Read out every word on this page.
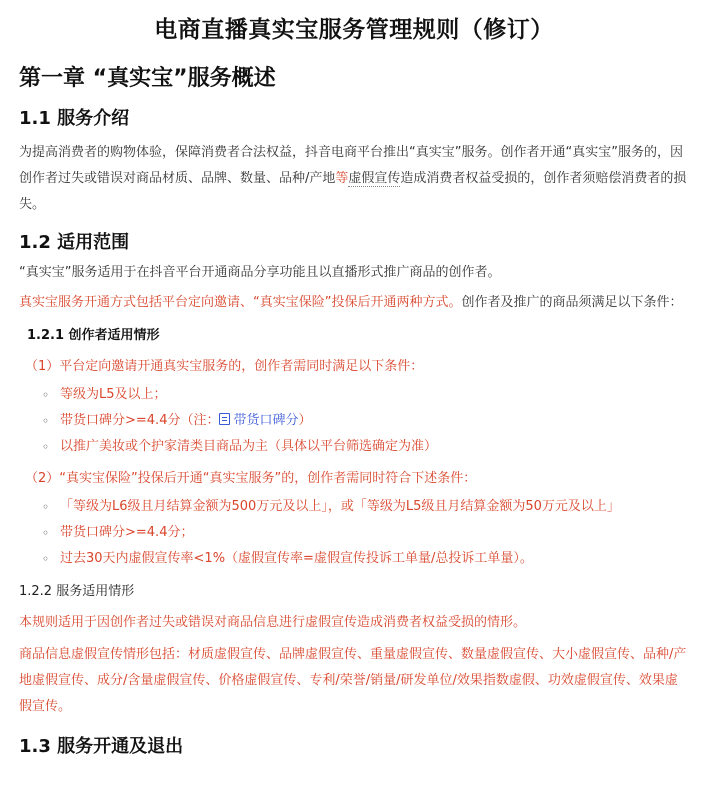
电商直播真实宝服务管理规则（修订）
第一章 “真实宝”服务概述
1.1 服务介绍
为提高消费者的购物体验，保障消费者合法权益，抖音电商平台推出“真实宝”服务。创作者开通“真实宝”服务的，因创作者过失或错误对商品材质、品牌、数量、品种/产地等虚假宣传造成消费者权益受损的，创作者须赔偿消费者的损失。
1.2 适用范围
“真实宝”服务适用于在抖音平台开通商品分享功能且以直播形式推广商品的创作者。
真实宝服务开通方式包括平台定向邀请、“真实宝保险”投保后开通两种方式。创作者及推广的商品须满足以下条件：
1.2.1 创作者适用情形
（1）平台定向邀请开通真实宝服务的，创作者需同时满足以下条件：
◦ 等级为L5及以上；
◦ 带货口碑分>=4.4分（注： 带货口碑分）
◦ 以推广美妆或个护家清类目商品为主（具体以平台筛选确定为准）
（2）“真实宝保险”投保后开通“真实宝服务”的，创作者需同时符合下述条件：
◦ 「等级为L6级且月结算金额为500万元及以上」，或「等级为L5级且月结算金额为50万元及以上」
◦ 带货口碑分>=4.4分；
◦ 过去30天内虚假宣传率<1%（虚假宣传率=虚假宣传投诉工单量/总投诉工单量）。
1.2.2 服务适用情形
本规则适用于因创作者过失或错误对商品信息进行虚假宣传造成消费者权益受损的情形。
商品信息虚假宣传情形包括：材质虚假宣传、品牌虚假宣传、重量虚假宣传、数量虚假宣传、大小虚假宣传、品种/产地虚假宣传、成分/含量虚假宣传、价格虚假宣传、专利/荣誉/销量/研发单位/效果指数虚假、功效虚假宣传、效果虚假宣传。
1.3 服务开通及退出
